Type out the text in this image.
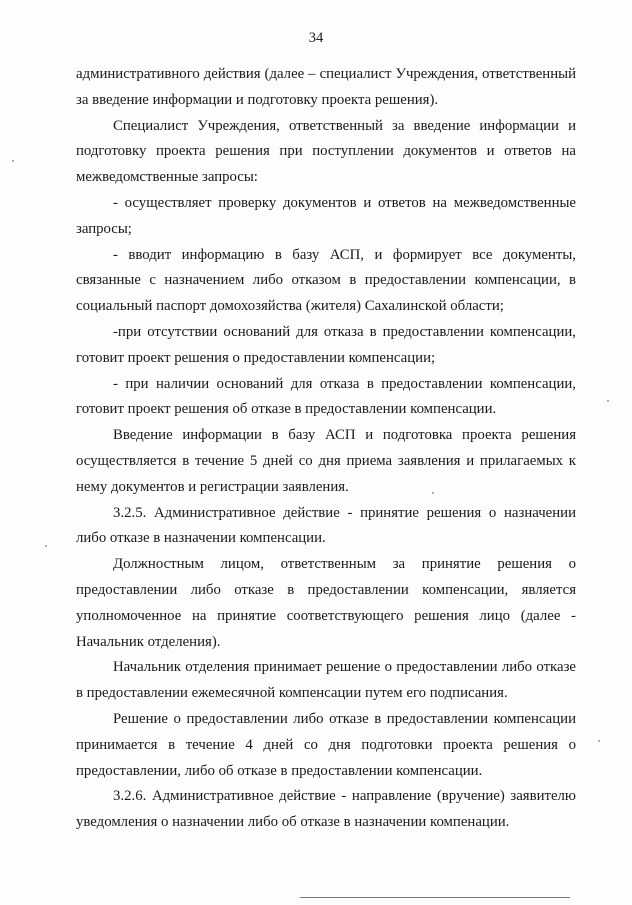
34

административного действия (далее – специалист Учреждения, ответственный
за введение информации и подготовку проекта решения).

Специалист Учреждения, ответственный за введение информации и
подготовку проекта решения при поступлении документов и ответов на
межведомственные запросы:

- осуществляет проверку документов и ответов на межведомственные
запросы;

- вводит информацию в базу АСП, и формирует все документы,
связанные с назначением либо отказом в предоставлении компенсации, в
социальный паспорт домохозяйства (жителя) Сахалинской области;

-при отсутствии оснований для отказа в предоставлении компенсации,
готовит проект решения о предоставлении компенсации;

- при наличии оснований для отказа в предоставлении компенсации,
готовит проект решения об отказе в предоставлении компенсации.

Введение информации в базу АСП и подготовка проекта решения
осуществляется в течение 5 дней со дня приема заявления и прилагаемых к
нему документов и регистрации заявления.

3.2.5. Административное действие - принятие решения о назначении
либо отказе в назначении компенсации.

Должностным лицом, ответственным за принятие решения о
предоставлении либо отказе в предоставлении компенсации, является
уполномоченное на принятие соответствующего решения лицо (далее -
Начальник отделения).

Начальник отделения принимает решение о предоставлении либо отказе
в предоставлении ежемесячной компенсации путем его подписания.

Решение о предоставлении либо отказе в предоставлении компенсации
принимается в течение 4 дней со дня подготовки проекта решения о
предоставлении, либо об отказе в предоставлении компенсации.

3.2.6. Административное действие - направление (вручение) заявителю
уведомления о назначении либо об отказе в назначении компенации.
